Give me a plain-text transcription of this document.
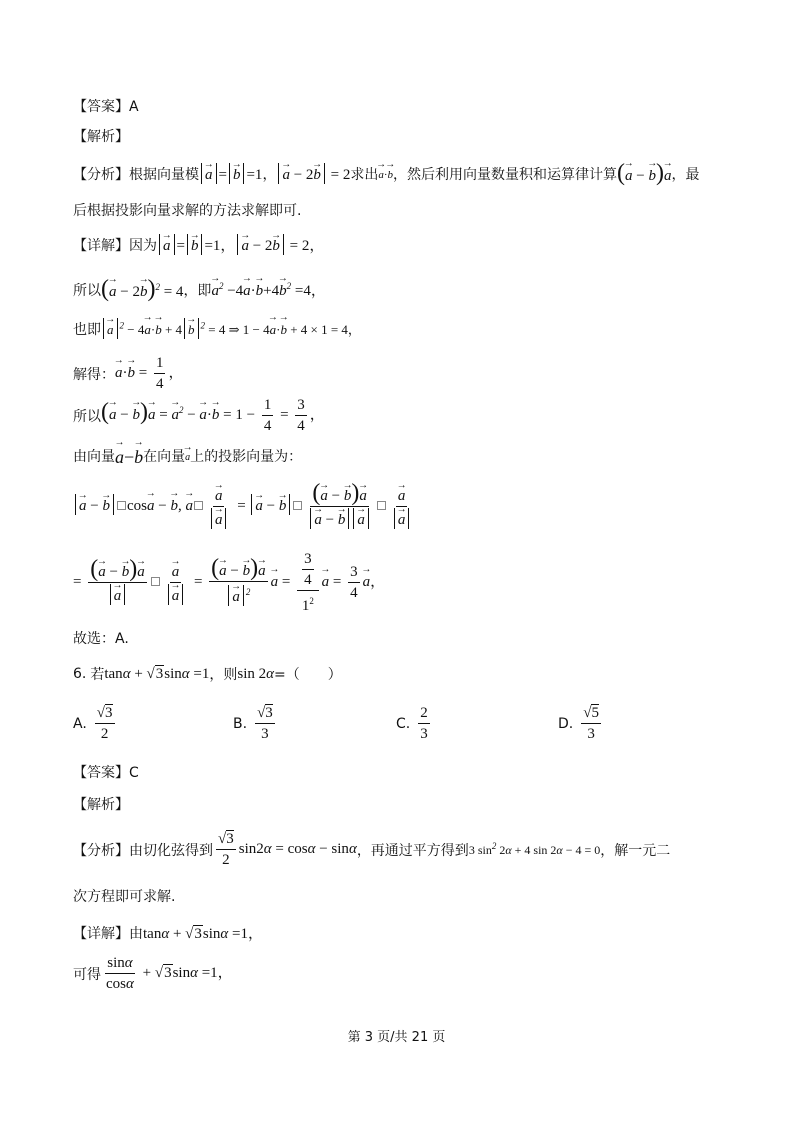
【答案】A
【解析】
【分析】根据向量模
→ a =→ b =1 ，
→ a − 2→ b = 2 求出
→ a·→ b ，然后利用向量数量积和运算律计算 (→ a − → b)→ a ，最
后根据投影向量求解的方法求解即可.
【详解】因为
→ a =→ b =1，→ a − 2→ b = 2，
所以 (→ a − 2→ b)$^2$ = 4 ，即
→ $a^2 -4\to a\cdot\to b+4\to b^2 =4$，
也即
→ a $^2$ − 4→ a·→ b + 4→ b $^2$ = 4 ⇒ 1 − 4→ a·→ b + 4 × 1 = 4，
解得：
→ $a\cdot\to b = \frac{1}{4}$ ，
所以 (→ a − → b)→ a = → $a^2$ − → $a\cdot\to b = 1 - \frac{1}{4} = \frac{3}{4}$ ，
由向量
→ a−→ b 在向量
→ a 上的投影向量为：
→ a − → b cos→ a − → b, → a
→ a
→ a = → a − → b (→ a − → b)→ a
→ a − → b→ a
→ a
→ a
= (→ a − → b)→ a
→ a
→ a
→ a = (→ a − → b)→ a
→ a $^2$
→ $a = \frac{\frac{3}{4}}{1^2}$
→ $a = \frac{3}{4}$
→ a，
故选：A.
6. 若 tanα + √3sinα =1 ，则 sin 2α =（　　）
A. $\frac{√3}{2}$	B. $\frac{√3}{3}$	C. $\frac{2}{3}$	D. $\frac{√5}{3}$
【答案】C
【解析】
【分析】由切化弦得到 $\frac{√3}{2} \sin 2\alpha = \cos\alpha - \sin\alpha$ ，再通过平方得到 3 $\sin^2 2\alpha + 4$ sin 2α − 4 = 0 ，解一元二
次方程即可求解.
【详解】由 tanα + √3sinα =1，
可得 $\frac{\sin\alpha}{\cos\alpha} + √3\sin\alpha =1$，
第 3 页/共 21 页
